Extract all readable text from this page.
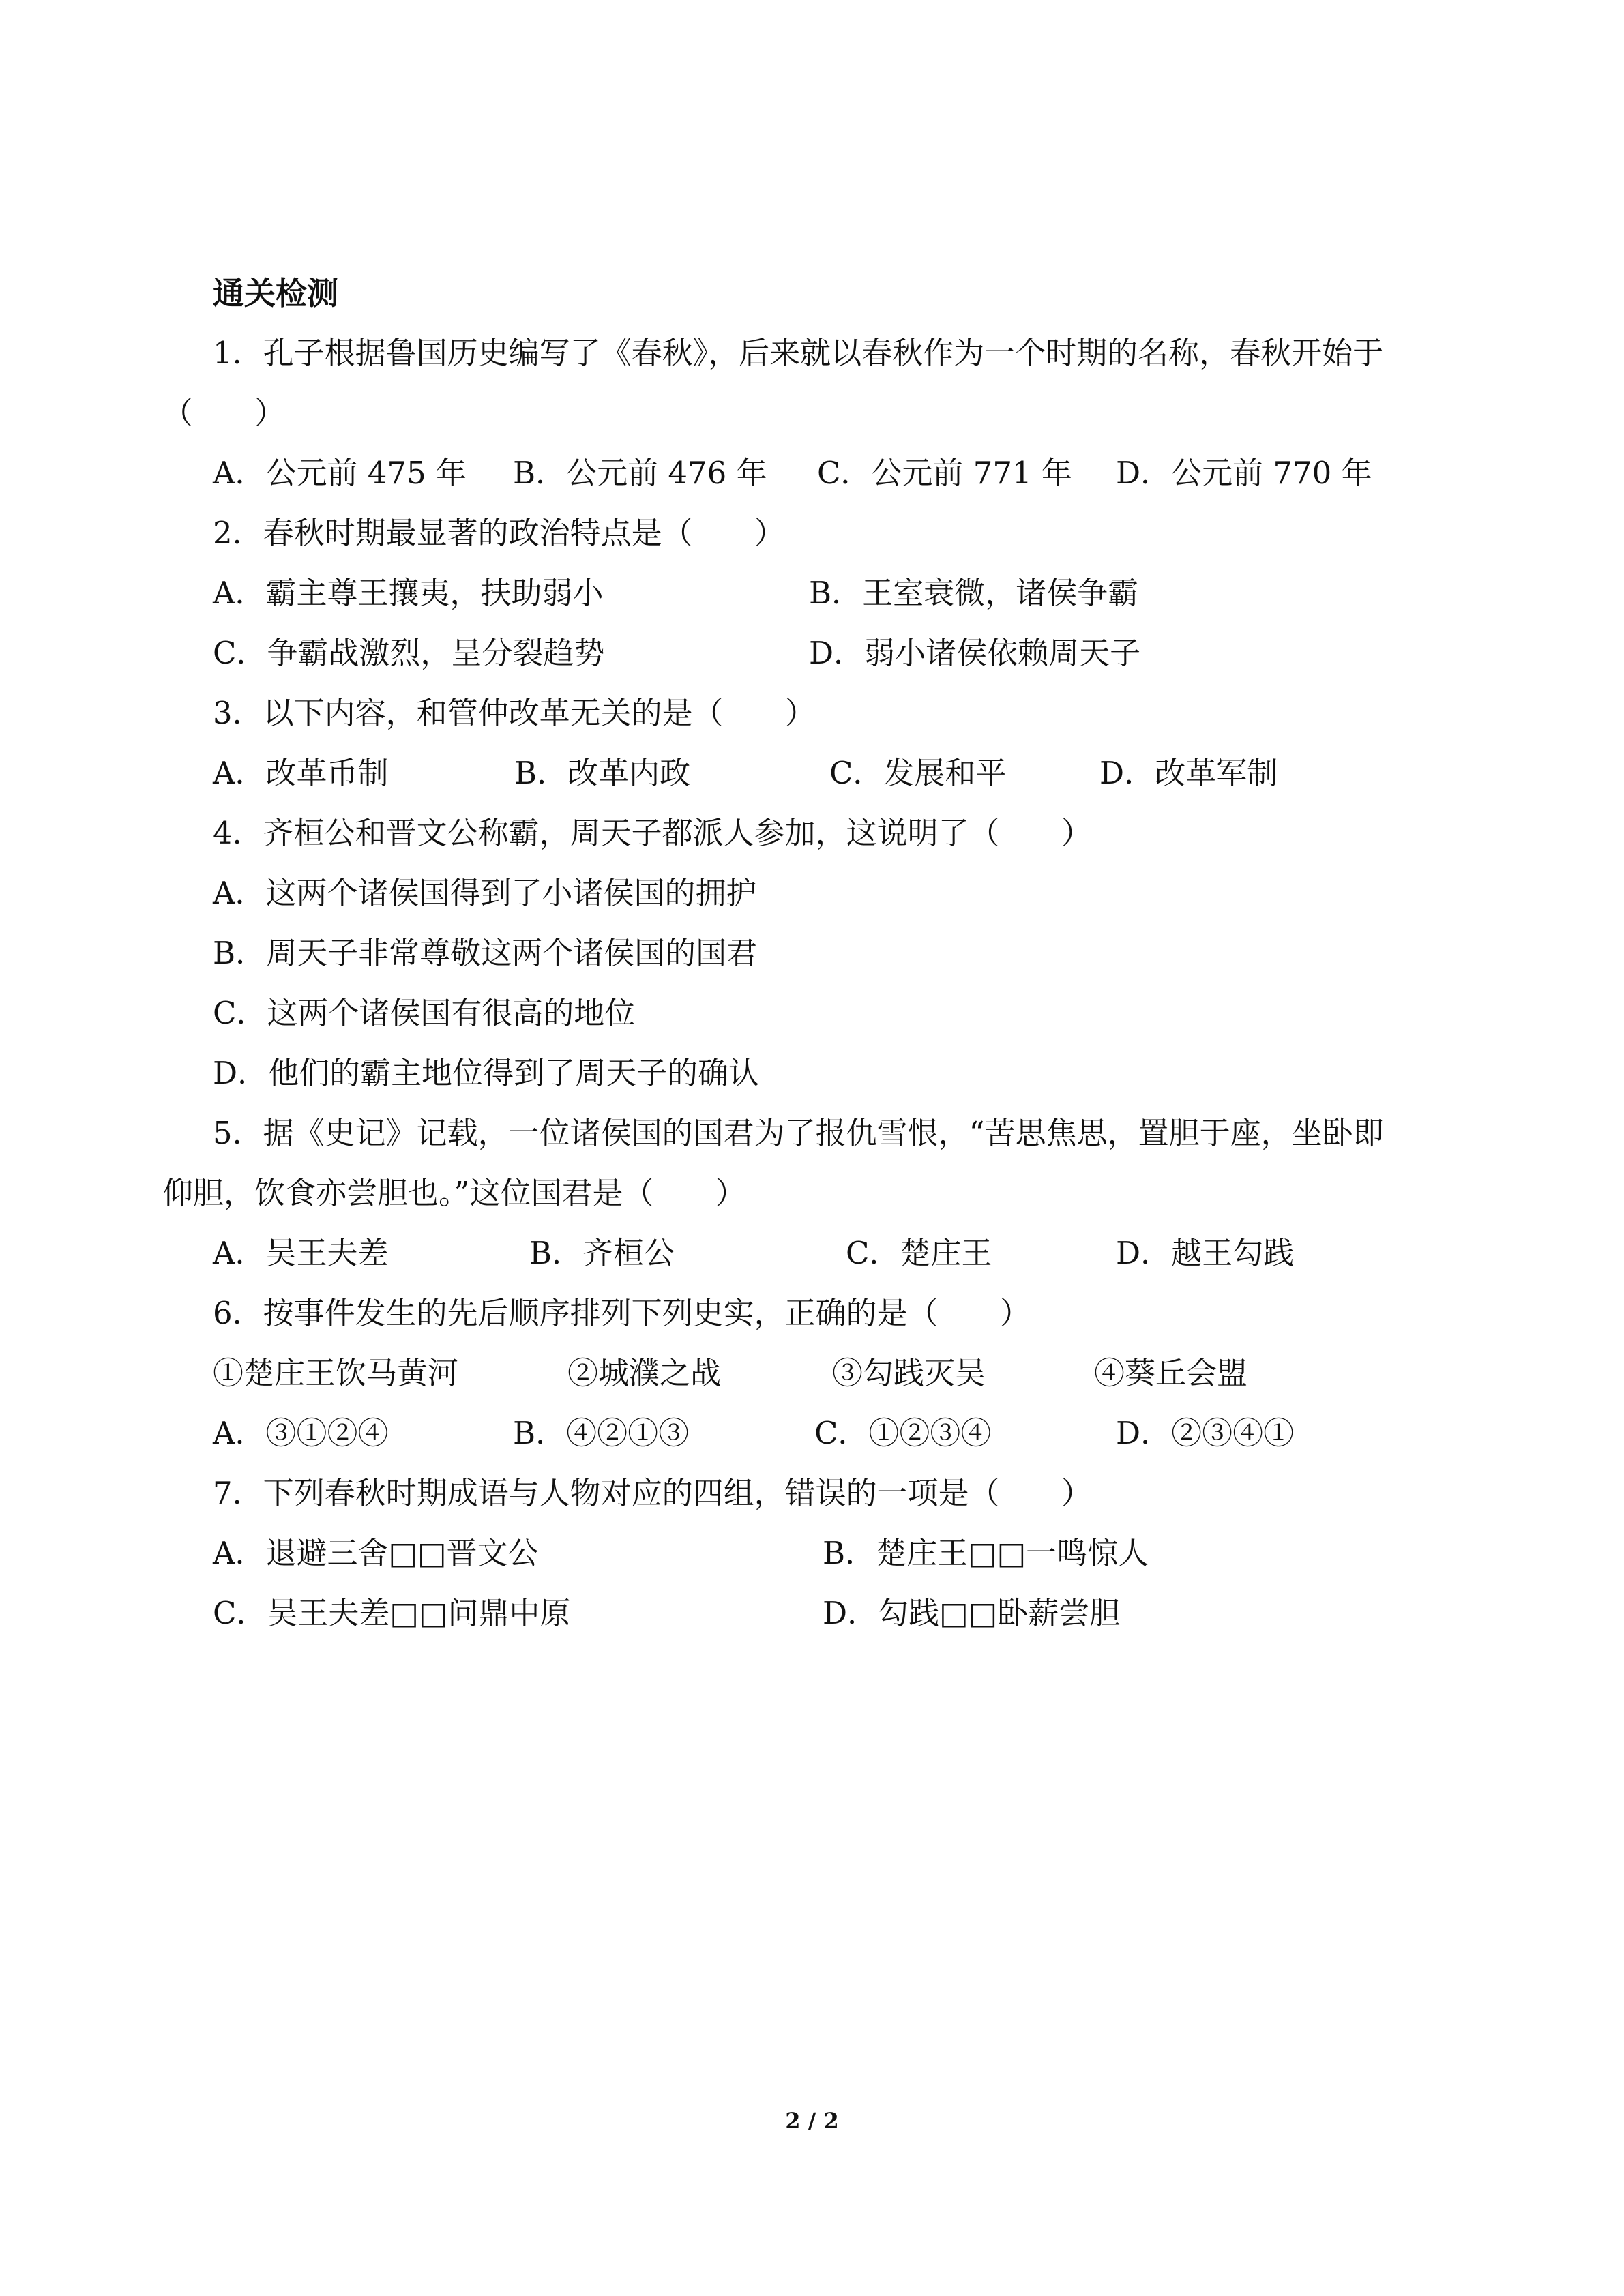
通关检测
1．孔子根据鲁国历史编写了《春秋》，后来就以春秋作为一个时期的名称，春秋开始于
（　　）
A．公元前 475 年 B．公元前 476 年 C．公元前 771 年 D．公元前 770 年
2．春秋时期最显著的政治特点是（　　）
A．霸主尊王攘夷，扶助弱小	B．王室衰微，诸侯争霸
C．争霸战激烈，呈分裂趋势	D．弱小诸侯依赖周天子
3．以下内容，和管仲改革无关的是（　　）
A．改革币制	B．改革内政	C．发展和平	D．改革军制
4．齐桓公和晋文公称霸，周天子都派人参加，这说明了（　　）
A．这两个诸侯国得到了小诸侯国的拥护
B．周天子非常尊敬这两个诸侯国的国君
C．这两个诸侯国有很高的地位
D．他们的霸主地位得到了周天子的确认
5．据《史记》记载，一位诸侯国的国君为了报仇雪恨，“苦思焦思，置胆于座，坐卧即
仰胆，饮食亦尝胆也。”这位国君是（　　）
A．吴王夫差	B．齐桓公	C．楚庄王	D．越王勾践
6．按事件发生的先后顺序排列下列史实，正确的是（　　）
①楚庄王饮马黄河	②城濮之战	③勾践灭吴	④葵丘会盟
A．③①②④	B．④②①③	C．①②③④	D．②③④①
7．下列春秋时期成语与人物对应的四组，错误的一项是（　　）
A．退避三舍□□晋文公	B．楚庄王□□一鸣惊人
C．吴王夫差□□问鼎中原	D．勾践□□卧薪尝胆
2 / 2
